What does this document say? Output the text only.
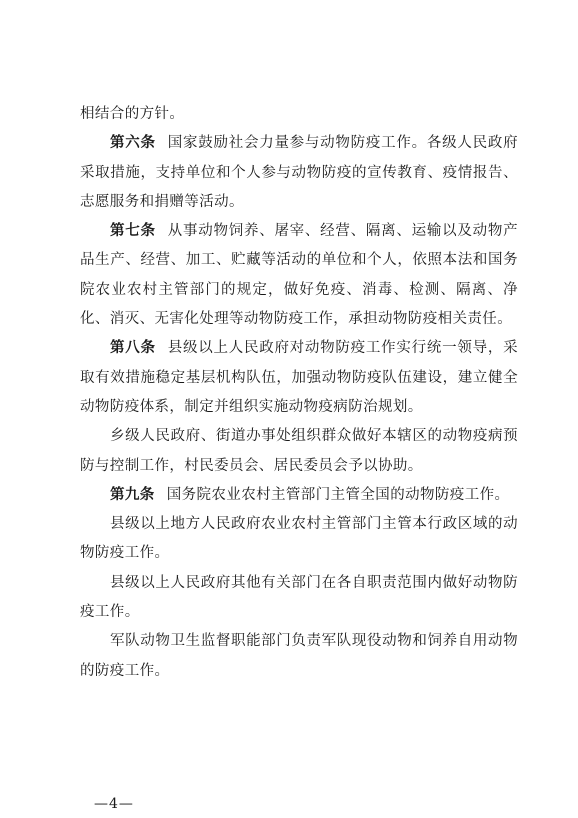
相结合的方针。

第六条 国家鼓励社会力量参与动物防疫工作。各级人民政府采取措施，支持单位和个人参与动物防疫的宣传教育、疫情报告、志愿服务和捐赠等活动。

第七条 从事动物饲养、屠宰、经营、隔离、运输以及动物产品生产、经营、加工、贮藏等活动的单位和个人，依照本法和国务院农业农村主管部门的规定，做好免疫、消毒、检测、隔离、净化、消灭、无害化处理等动物防疫工作，承担动物防疫相关责任。

第八条 县级以上人民政府对动物防疫工作实行统一领导，采取有效措施稳定基层机构队伍，加强动物防疫队伍建设，建立健全动物防疫体系，制定并组织实施动物疫病防治规划。

乡级人民政府、街道办事处组织群众做好本辖区的动物疫病预防与控制工作，村民委员会、居民委员会予以协助。

第九条 国务院农业农村主管部门主管全国的动物防疫工作。

县级以上地方人民政府农业农村主管部门主管本行政区域的动物防疫工作。

县级以上人民政府其他有关部门在各自职责范围内做好动物防疫工作。

军队动物卫生监督职能部门负责军队现役动物和饲养自用动物的防疫工作。

—4—
